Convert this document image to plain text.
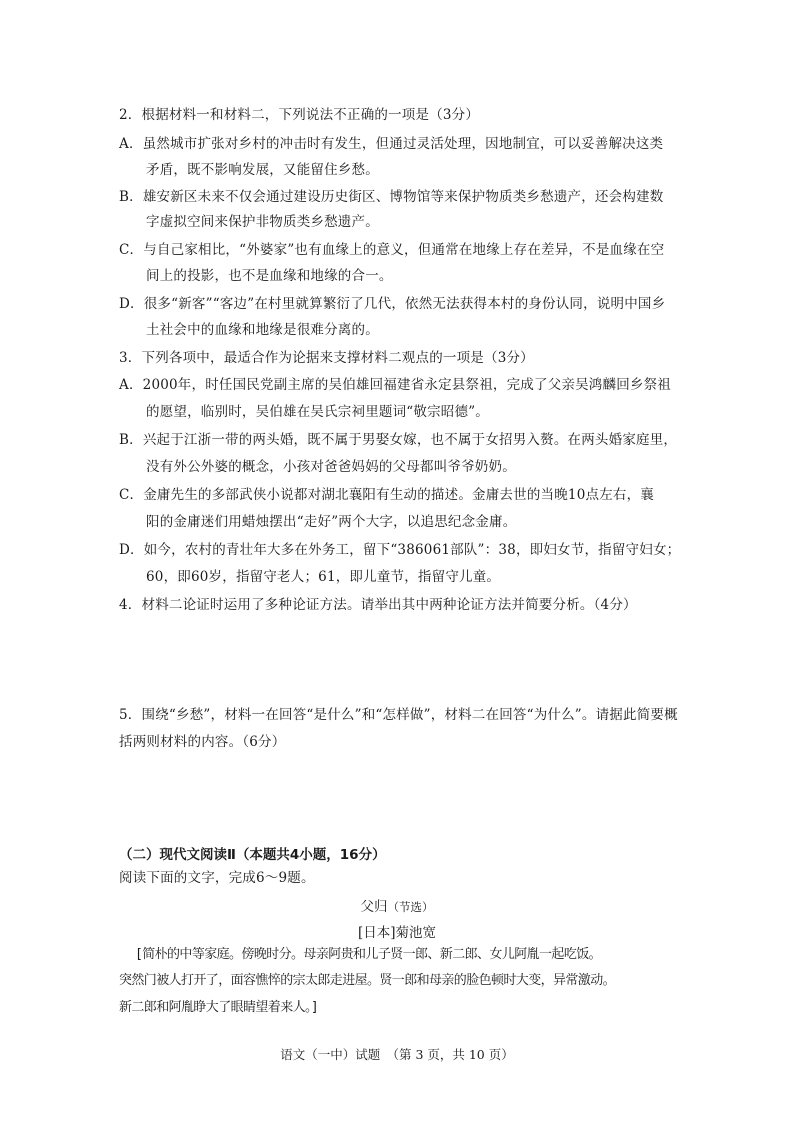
2．根据材料一和材料二，下列说法不正确的一项是（3分）
A．虽然城市扩张对乡村的冲击时有发生，但通过灵活处理，因地制宜，可以妥善解决这类
矛盾，既不影响发展，又能留住乡愁。
B．雄安新区未来不仅会通过建设历史街区、博物馆等来保护物质类乡愁遗产，还会构建数
字虚拟空间来保护非物质类乡愁遗产。
C．与自己家相比，“外婆家”也有血缘上的意义，但通常在地缘上存在差异，不是血缘在空
间上的投影，也不是血缘和地缘的合一。
D．很多“新客”“客边”在村里就算繁衍了几代，依然无法获得本村的身份认同，说明中国乡
土社会中的血缘和地缘是很难分离的。
3．下列各项中，最适合作为论据来支撑材料二观点的一项是（3分）
A．2000年，时任国民党副主席的吴伯雄回福建省永定县祭祖，完成了父亲吴鸿麟回乡祭祖
的愿望，临别时，吴伯雄在吴氏宗祠里题词“敬宗昭德”。
B．兴起于江浙一带的两头婚，既不属于男娶女嫁，也不属于女招男入赘。在两头婚家庭里，
没有外公外婆的概念，小孩对爸爸妈妈的父母都叫爷爷奶奶。
C．金庸先生的多部武侠小说都对湖北襄阳有生动的描述。金庸去世的当晚10点左右，襄
阳的金庸迷们用蜡烛摆出“走好”两个大字，以追思纪念金庸。
D．如今，农村的青壮年大多在外务工，留下“386061部队”：38，即妇女节，指留守妇女；
60，即60岁，指留守老人；61，即儿童节，指留守儿童。
4．材料二论证时运用了多种论证方法。请举出其中两种论证方法并简要分析。（4分）
5．围绕“乡愁”，材料一在回答“是什么”和“怎样做”，材料二在回答“为什么”。请据此简要概
括两则材料的内容。（6分）
（二）现代文阅读Ⅱ（本题共4小题，16分）
阅读下面的文字，完成6～9题。
父归（节选）
[日本]菊池宽
[简朴的中等家庭。傍晚时分。母亲阿贵和儿子贤一郎、新二郎、女儿阿胤一起吃饭。
突然门被人打开了，面容憔悴的宗太郎走进屋。贤一郎和母亲的脸色顿时大变，异常激动。
新二郎和阿胤睁大了眼睛望着来人。]
语文（一中）试题　（第 3 页，共 10 页）
